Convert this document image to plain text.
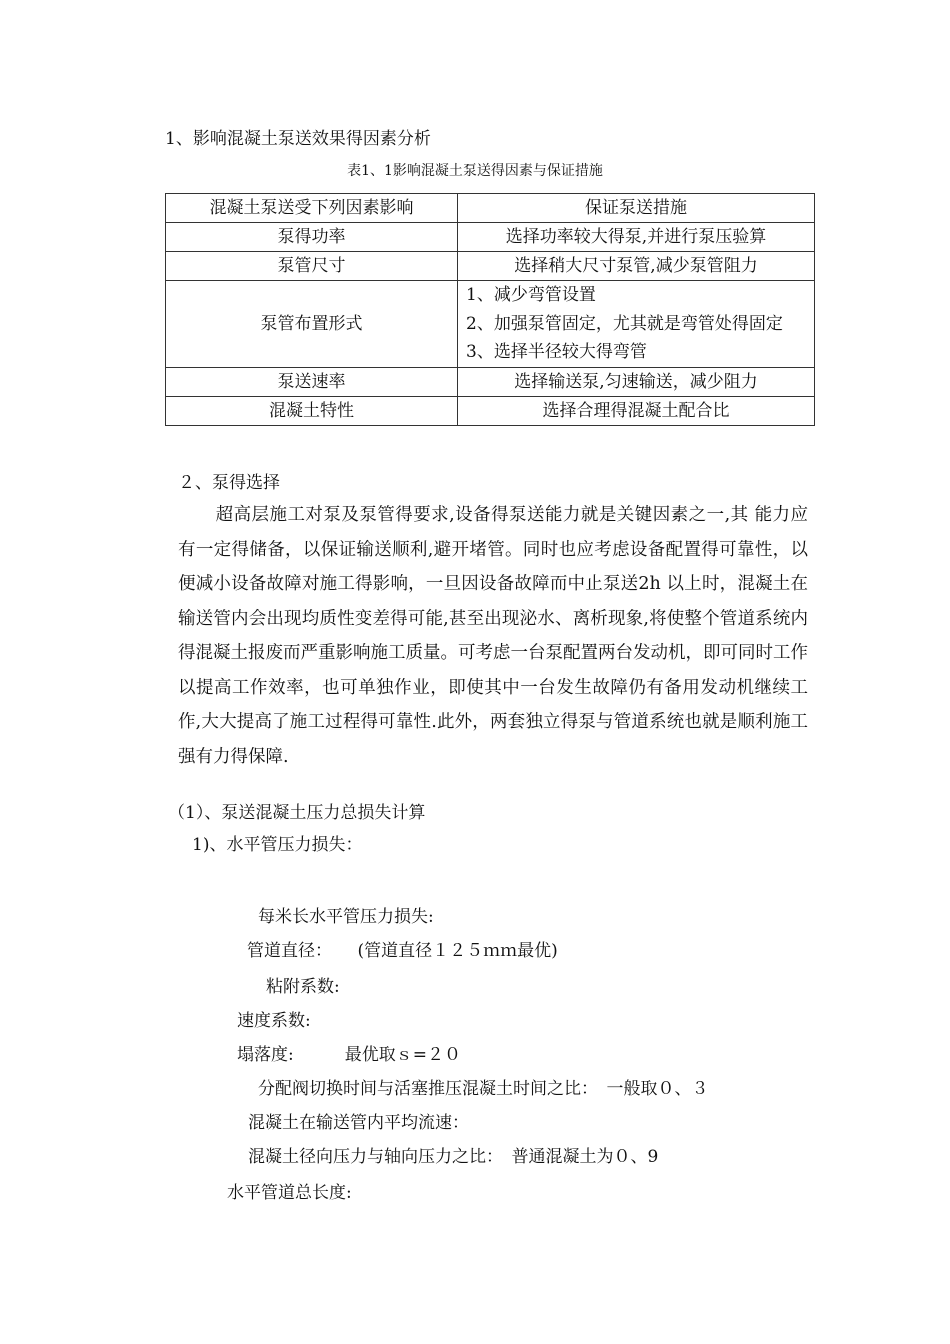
1、影响混凝土泵送效果得因素分析
表1、1影响混凝土泵送得因素与保证措施
混凝土泵送受下列因素影响	保证泵送措施
泵得功率	选择功率较大得泵,并进行泵压验算
泵管尺寸	选择稍大尺寸泵管,减少泵管阻力
泵管布置形式	1、减少弯管设置
2、加强泵管固定，尤其就是弯管处得固定
3、选择半径较大得弯管

泵送速率	选择输送泵,匀速输送，减少阻力
混凝土特性	选择合理得混凝土配合比
２、泵得选择

超高层施工对泵及泵管得要求,设备得泵送能力就是关键因素之一,其 能力应有一定得储备，以保证输送顺利,避开堵管。同时也应考虑设备配置得可靠性，以便减小设备故障对施工得影响，一旦因设备故障而中止泵送2h 以上时，混凝土在输送管内会出现均质性变差得可能,甚至出现泌水、离析现象,将使整个管道系统内得混凝土报废而严重影响施工质量。可考虑一台泵配置两台发动机，即可同时工作以提高工作效率，也可单独作业，即使其中一台发生故障仍有备用发动机继续工作,大大提高了施工过程得可靠性.此外，两套独立得泵与管道系统也就是顺利施工强有力得保障.

（1）、泵送混凝土压力总损失计算
1)、水平管压力损失：
每米长水平管压力损失:
管道直径：　　(管道直径１２５ｍｍ最优)
粘附系数:
速度系数:
塌落度:　　　最优取ｓ=２０
分配阀切换时间与活塞推压混凝土时间之比：　一般取０、３
混凝土在输送管内平均流速：
混凝土径向压力与轴向压力之比：　普通混凝土为０、9
水平管道总长度:
